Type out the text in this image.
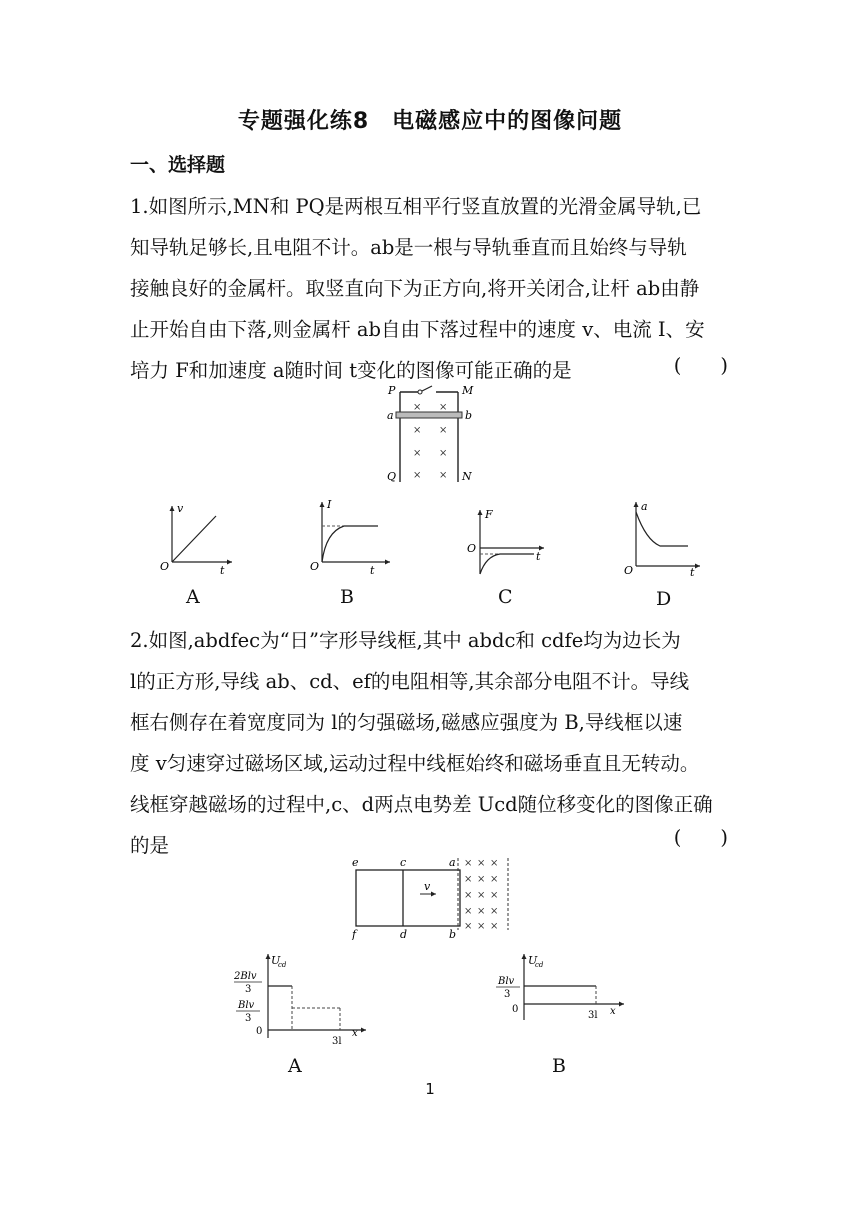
专题强化练8　电磁感应中的图像问题
一、选择题

1.如图所示,MN和 PQ是两根互相平行竖直放置的光滑金属导轨,已

知导轨足够长,且电阻不计。ab是一根与导轨垂直而且始终与导轨

接触良好的金属杆。取竖直向下为正方向,将开关闭合,让杆 ab由静

止开始自由下落,则金属杆 ab自由下落过程中的速度 v、电流 I、安

培力 F和加速度 a随时间 t变化的图像可能正确的是	(　　)
P	M
a	b
Q	N
× ×
× ×
× ×
× ×
v
t
O
A
I
t
O
B
F
t
O
C
a
t
O
D

2.如图,abdfec为“日”字形导线框,其中 abdc和 cdfe均为边长为

l的正方形,导线 ab、cd、ef的电阻相等,其余部分电阻不计。导线

框右侧存在着宽度同为 l的匀强磁场,磁感应强度为 B,导线框以速

度 v匀速穿过磁场区域,运动过程中线框始终和磁场垂直且无转动。

线框穿越磁场的过程中,c、d两点电势差 Ucd随位移变化的图像正确

的是	(　　)
v
e	c	a
f	d	b
× × ×
× × ×
× × ×
× × ×
× × ×
U
cd
2Blv
3
Blv
3
0
3l
x
A
U
cd
Blv
3
0
3l x
B
1
